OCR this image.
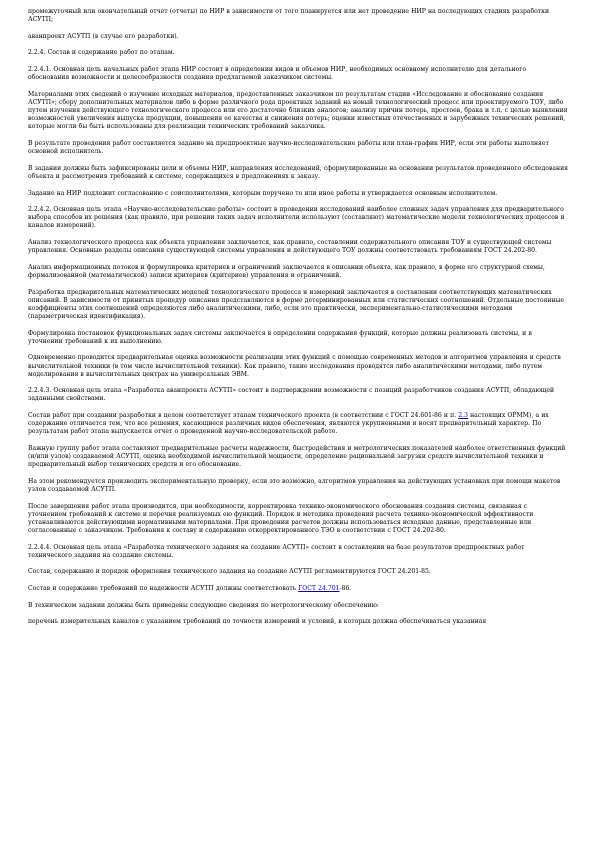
промежуточный или окончательный отчет (отчеты) по НИР в зависимости от того планируется или нет проведение НИР на последующих стадиях разработки АСУТП;

аванпроект АСУТП (в случае его разработки).

2.2.4. Состав и содержание работ по этапам.

2.2.4.1. Основная цель начальных работ этапа НИР состоит в определении видов и объемов НИР, необходимых основному исполнителю для детального обоснования возможности и целесообразности создания предлагаемой заказчиком системы.

Материалами этих сведений о изучение исходных материалов, предоставленных заказчиком по результатам стадии «Исследование и обоснование создания АСУТП»; сбору дополнительных материалов либо в форме различного рода проектных заданий на новый технологический процесс или проектируемого ТОУ, либо путем изучения действующего технологического процесса или его достаточно близких аналогов; анализу причин потерь, простоев, брака и т.п. с целью выявления возможностей увеличения выпуска продукции, повышения ее качества и снижения потерь; оценки известных отечественных и зарубежных технических решений, которые могли бы быть использованы для реализации технических требований заказчика.

В результате проведения работ составляется задание на предпроектные научно-исследовательские работы или план-график НИР, если эти работы выполняет основной исполнитель.

В задании должны быть зафиксированы цели и объемы НИР, направления исследований, сформулированные на основании результатов проведенного обследования объекта и рассмотрения требований к системе, содержащихся в предложениях к заказу.

Задание на НИР подлежит согласованию с соисполнителями, которым поручено то или иное работы и утверждается основным исполнителем.

2.2.4.2. Основная цель этапа «Научно-исследовательские работы» состоит в проведении исследований наиболее сложных задач управления для предварительного выбора способов их решения (как правило, при решении таких задач исполнители используют (составляют) математические модели технологических процессов и каналов измерений).

Анализ технологического процесса как объекта управления заключается, как правило, составлении содержательного описания ТОУ и существующей системы управления. Основные разделы описания существующей системы управления и действующего ТОУ должны соответствовать требованиям ГОСТ 24.202-80.

Анализ информационных потоков и формулировка критериев и ограничений заключается в описании объекта, как правило, в форме его структурной схемы, формализованной (математической) записи критериев (критериев) управления и ограничений.

Разработка предварительных математических моделей технологического процесса и измерений заключается в составлении соответствующих математических описаний. В зависимости от принятых процедур описания представляются в форме детерминированных или статистических соотношений. Отдельные постоянные коэффициенты этих соотношений определяются либо аналитическими, либо, если это практически, экспериментально-статистическими методами (параметрическая идентификация).

Формулировка постановок функциональных задач системы заключается в определении содержания функций, которые должны реализовать системы, и в уточнении требований к их выполнению.

Одновременно проводится предварительная оценка возможности реализации этих функций с помощью современных методов и алгоритмов управления и средств вычислительной техники (в том числе вычислительной техники). Как правило, такие исследования проводятся либо аналитическими методами, либо путем моделирования в вычислительных центрах на универсальных ЭВМ.

2.2.4.3. Основная цель этапа «Разработка аванпроекта АСУТП» состоит в подтверждении возможности с позиций разработчиков создания АСУТП, обладающей заданными свойствами.

Состав работ при создании разработки в целом соответствует этапам технического проекта (в соответствии с ГОСТ 24.601-86 и п. 2.3 настоящих ОРММ), а их содержание отличается тем, что все решения, касающиеся различных видов обеспечения, являются укрупненными и носят предварительный характер. По результатам работ этапа выпускается отчет о проведенной научно-исследовательской работе.

Важную группу работ этапа составляют предварительные расчеты надежности, быстродействия и метрологических показателей наиболее ответственных функций (и/или узлов) создаваемой АСУТП, оценка необходимой вычислительной мощности, определение рациональной загрузки средств вычислительной техники и предварительный выбор технических средств и его обоснование.

На этом рекомендуется производить экспериментальную проверку, если это возможно, алгоритмов управления на действующих установках при помощи макетов узлов создаваемой АСУТП.

После завершения работ этапа производится, при необходимости, корректировка технико-экономического обоснования создания системы, связанная с уточнением требований к системе и перечня реализуемых ею функций. Порядок и методика проведения расчета технико-экономической эффективности устанавливаются действующими нормативными материалами. При проведении расчетов должны использоваться исходные данные, представленные или согласованные с заказчиком. Требования к составу и содержанию откорректированного ТЭО в соответствии с ГОСТ 24.202-80.

2.2.4.4. Основная цель этапа «Разработка технического задания на создание АСУТП» состоит в составлении на базе результатов предпроектных работ технического задания на создание системы.

Состав, содержание и порядок оформления технического задания на создание АСУТП регламентируются ГОСТ 24.201-85.

Состав и содержание требований по надежности АСУТП должны соответствовать ГОСТ 24.701-86.

В техническом задании должны быть приведены следующие сведения по метрологическому обеспечению:

перечень измерительных каналов с указанием требований по точности измерений и условий, в которых должна обеспечиваться указанная
